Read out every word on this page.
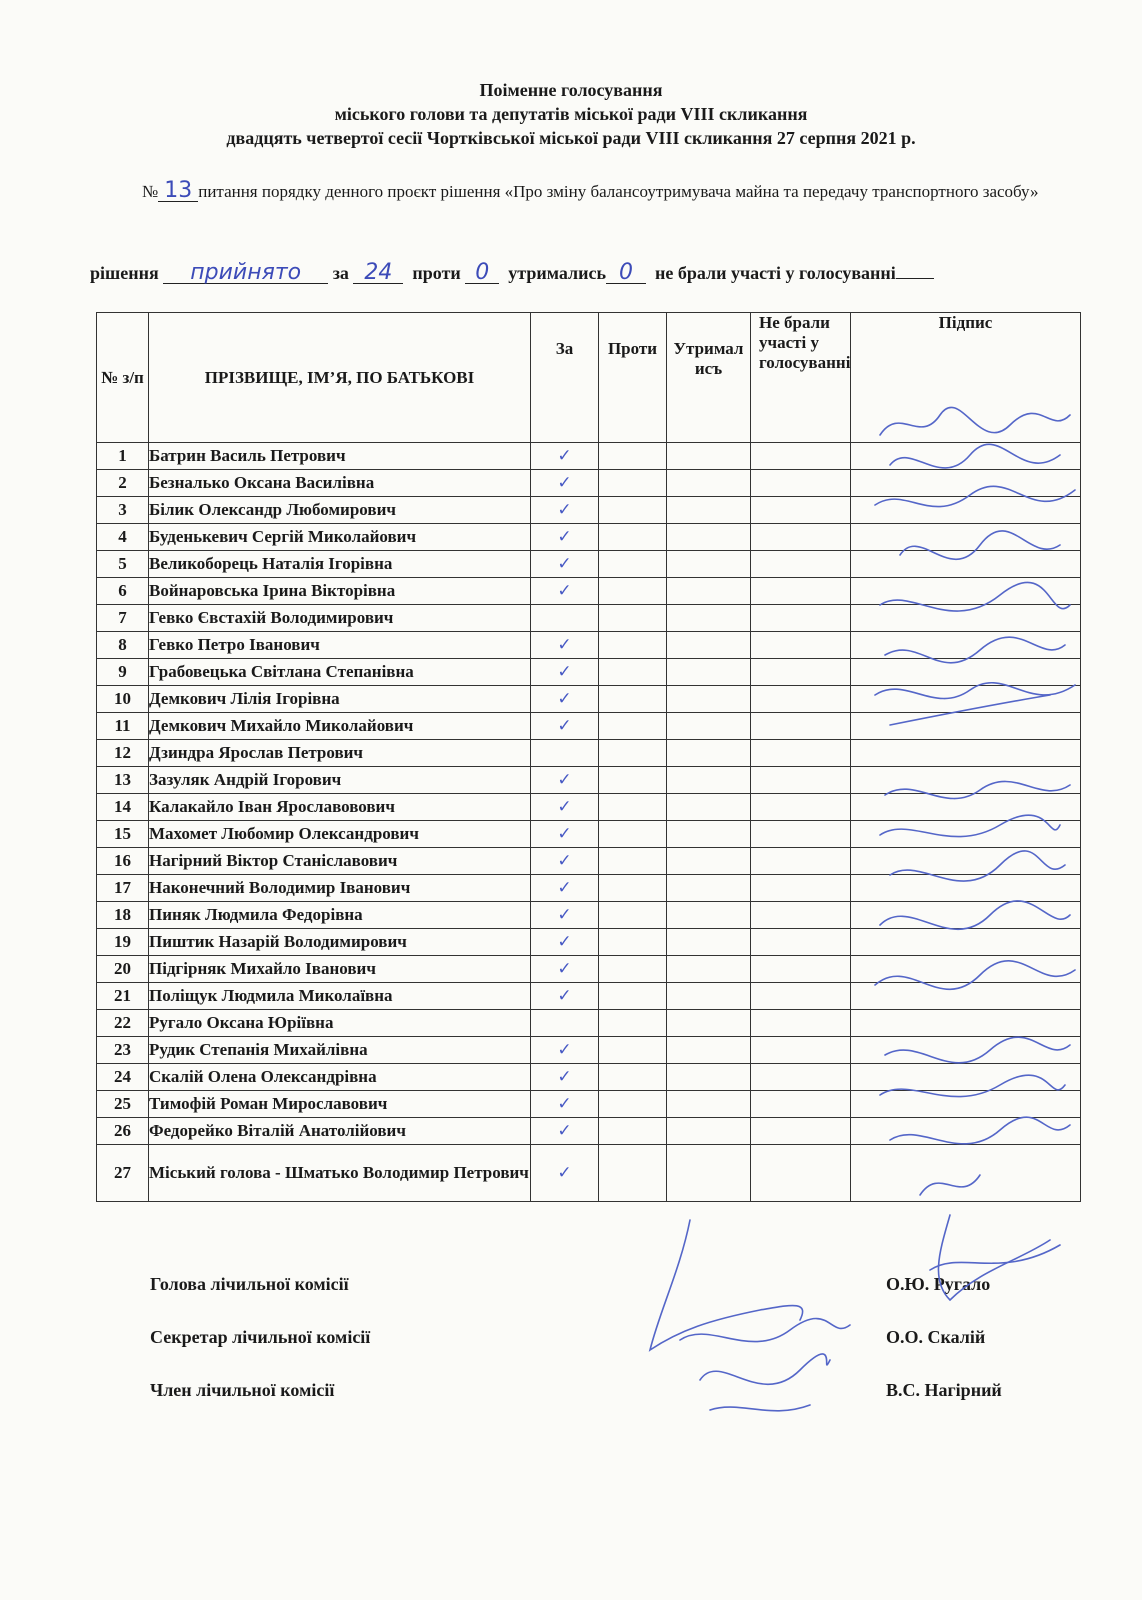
Поіменне голосування
міського голови та депутатів міської ради VIII скликання
двадцять четвертої сесії Чортківської міської ради VIII скликання 27 серпня 2021 р.
№ 13 питання порядку денного проєкт рішення «Про зміну балансоутримувача майна та передачу транспортного засобу»
рішення прийнято за 24 проти 0 утримались 0 не брали участі у голосуванні
№ з/п	ПРІЗВИЩЕ, ІМ’Я, ПО БАТЬКОВІ	За	Проти	Утрималисъ	Не брали участі у голосуванні	Підпис
1	Батрин Василь Петрович	✓				
2	Безналько Оксана Василівна	✓				
3	Білик Олександр Любомирович	✓				
4	Буденькевич Сергій Миколайович	✓				
5	Великоборець Наталія Ігорівна	✓				
6	Войнаровська Ірина Вікторівна	✓				
7	Гевко Євстахій Володимирович					
8	Гевко Петро Іванович	✓				
9	Грабовецька Світлана Степанівна	✓				
10	Демкович Лілія Ігорівна	✓				
11	Демкович Михайло Миколайович	✓				
12	Дзиндра Ярослав Петрович					
13	Зазуляк Андрій Ігорович	✓				
14	Калакайло Іван Ярославовович	✓				
15	Махомет Любомир Олександрович	✓				
16	Нагірний Віктор Станіславович	✓				
17	Наконечний Володимир Іванович	✓				
18	Пиняк Людмила Федорівна	✓				
19	Пиштик Назарій Володимирович	✓				
20	Підгірняк Михайло Іванович	✓				
21	Поліщук Людмила Миколаївна	✓				
22	Ругало Оксана Юріївна					
23	Рудик Степанія Михайлівна	✓				
24	Скалій Олена Олександрівна	✓				
25	Тимофій Роман Мирославович	✓				
26	Федорейко Віталій Анатолійович	✓				
27	Міський голова - Шматько Володимир Петрович	✓				
Голова лічильної комісії	О.Ю. Ругало
Секретар лічильної комісії	О.О. Скалій
Член лічильної комісії	В.С. Нагірний
